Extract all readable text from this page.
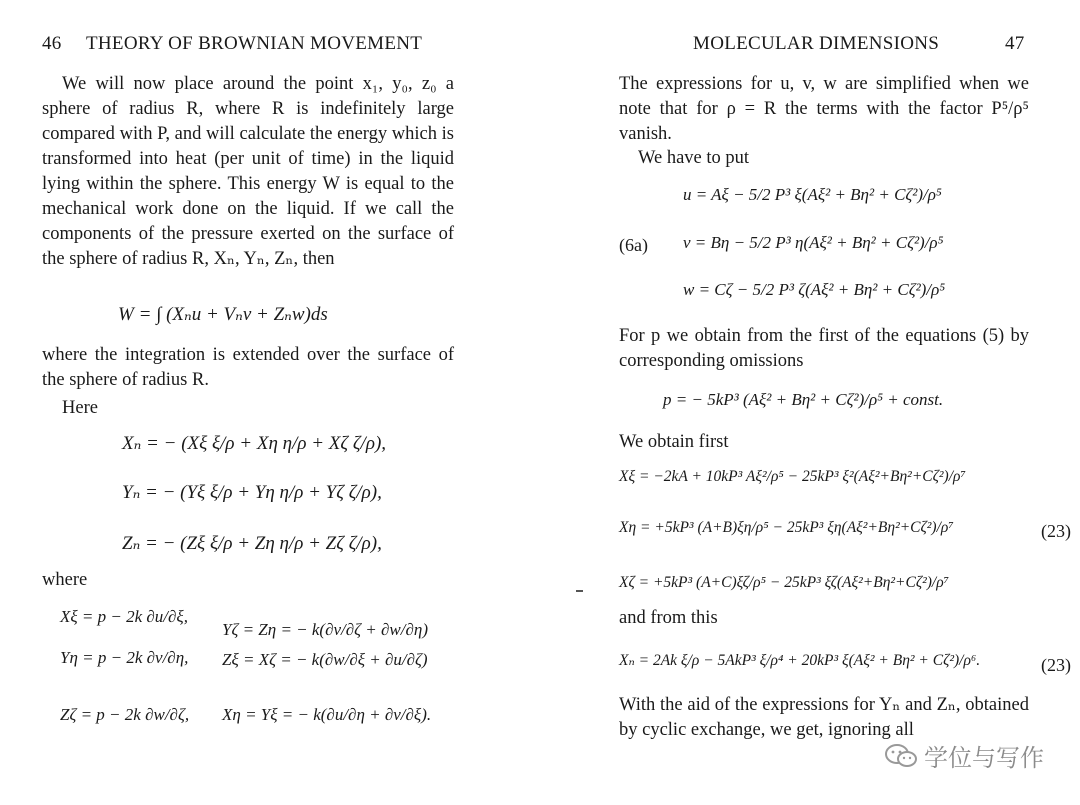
46 THEORY OF BROWNIAN MOVEMENT
We will now place around the point x₁, y₀, z₀ a sphere of radius R, where R is indefinitely large compared with P, and will calculate the energy which is transformed into heat (per unit of time) in the liquid lying within the sphere. This energy W is equal to the mechanical work done on the liquid. If we call the components of the pressure exerted on the surface of the sphere of radius R, Xₙ, Yₙ, Zₙ, then
W = ∫ (Xₙu + Vₙv + Zₙw)ds
where the integration is extended over the surface of the sphere of radius R.
Here
Xₙ = − (Xξ ξ/ρ + Xη η/ρ + Xζ ζ/ρ),
Yₙ = − (Yξ ξ/ρ + Yη η/ρ + Yζ ζ/ρ),
Zₙ = − (Zξ ξ/ρ + Zη η/ρ + Zζ ζ/ρ),
where
Xξ = p − 2k ∂u/∂ξ,
Yη = p − 2k ∂v/∂η,
Zζ = p − 2k ∂w/∂ζ,
Yζ = Zη = − k(∂v/∂ζ + ∂w/∂η)
Zξ = Xζ = − k(∂w/∂ξ + ∂u/∂ζ)
Xη = Yξ = − k(∂u/∂η + ∂v/∂ξ).
MOLECULAR DIMENSIONS	47
The expressions for u, v, w are simplified when we note that for ρ = R the terms with the factor P⁵/ρ⁵ vanish.
We have to put
(6a)
u = Aξ − 5/2 P³ ξ(Aξ² + Bη² + Cζ²)/ρ⁵
v = Bη − 5/2 P³ η(Aξ² + Bη² + Cζ²)/ρ⁵
w = Cζ − 5/2 P³ ζ(Aξ² + Bη² + Cζ²)/ρ⁵
For p we obtain from the first of the equations (5) by corresponding omissions
p = − 5kP³ (Aξ² + Bη² + Cζ²)/ρ⁵ + const.
We obtain first
Xξ = −2kA + 10kP³ Aξ²/ρ⁵ − 25kP³ ξ²(Aξ²+Bη²+Cζ²)/ρ⁷
Xη = +5kP³ (A+B)ξη/ρ⁵ − 25kP³ ξη(Aξ²+Bη²+Cζ²)/ρ⁷
Xζ = +5kP³ (A+C)ξζ/ρ⁵ − 25kP³ ξζ(Aξ²+Bη²+Cζ²)/ρ⁷
(23)
and from this
Xₙ = 2Ak ξ/ρ − 5AkP³ ξ/ρ⁴ + 20kP³ ξ(Aξ² + Bη² + Cζ²)/ρ⁶.	(23)
With the aid of the expressions for Yₙ and Zₙ, obtained by cyclic exchange, we get, ignoring all
学位与写作
